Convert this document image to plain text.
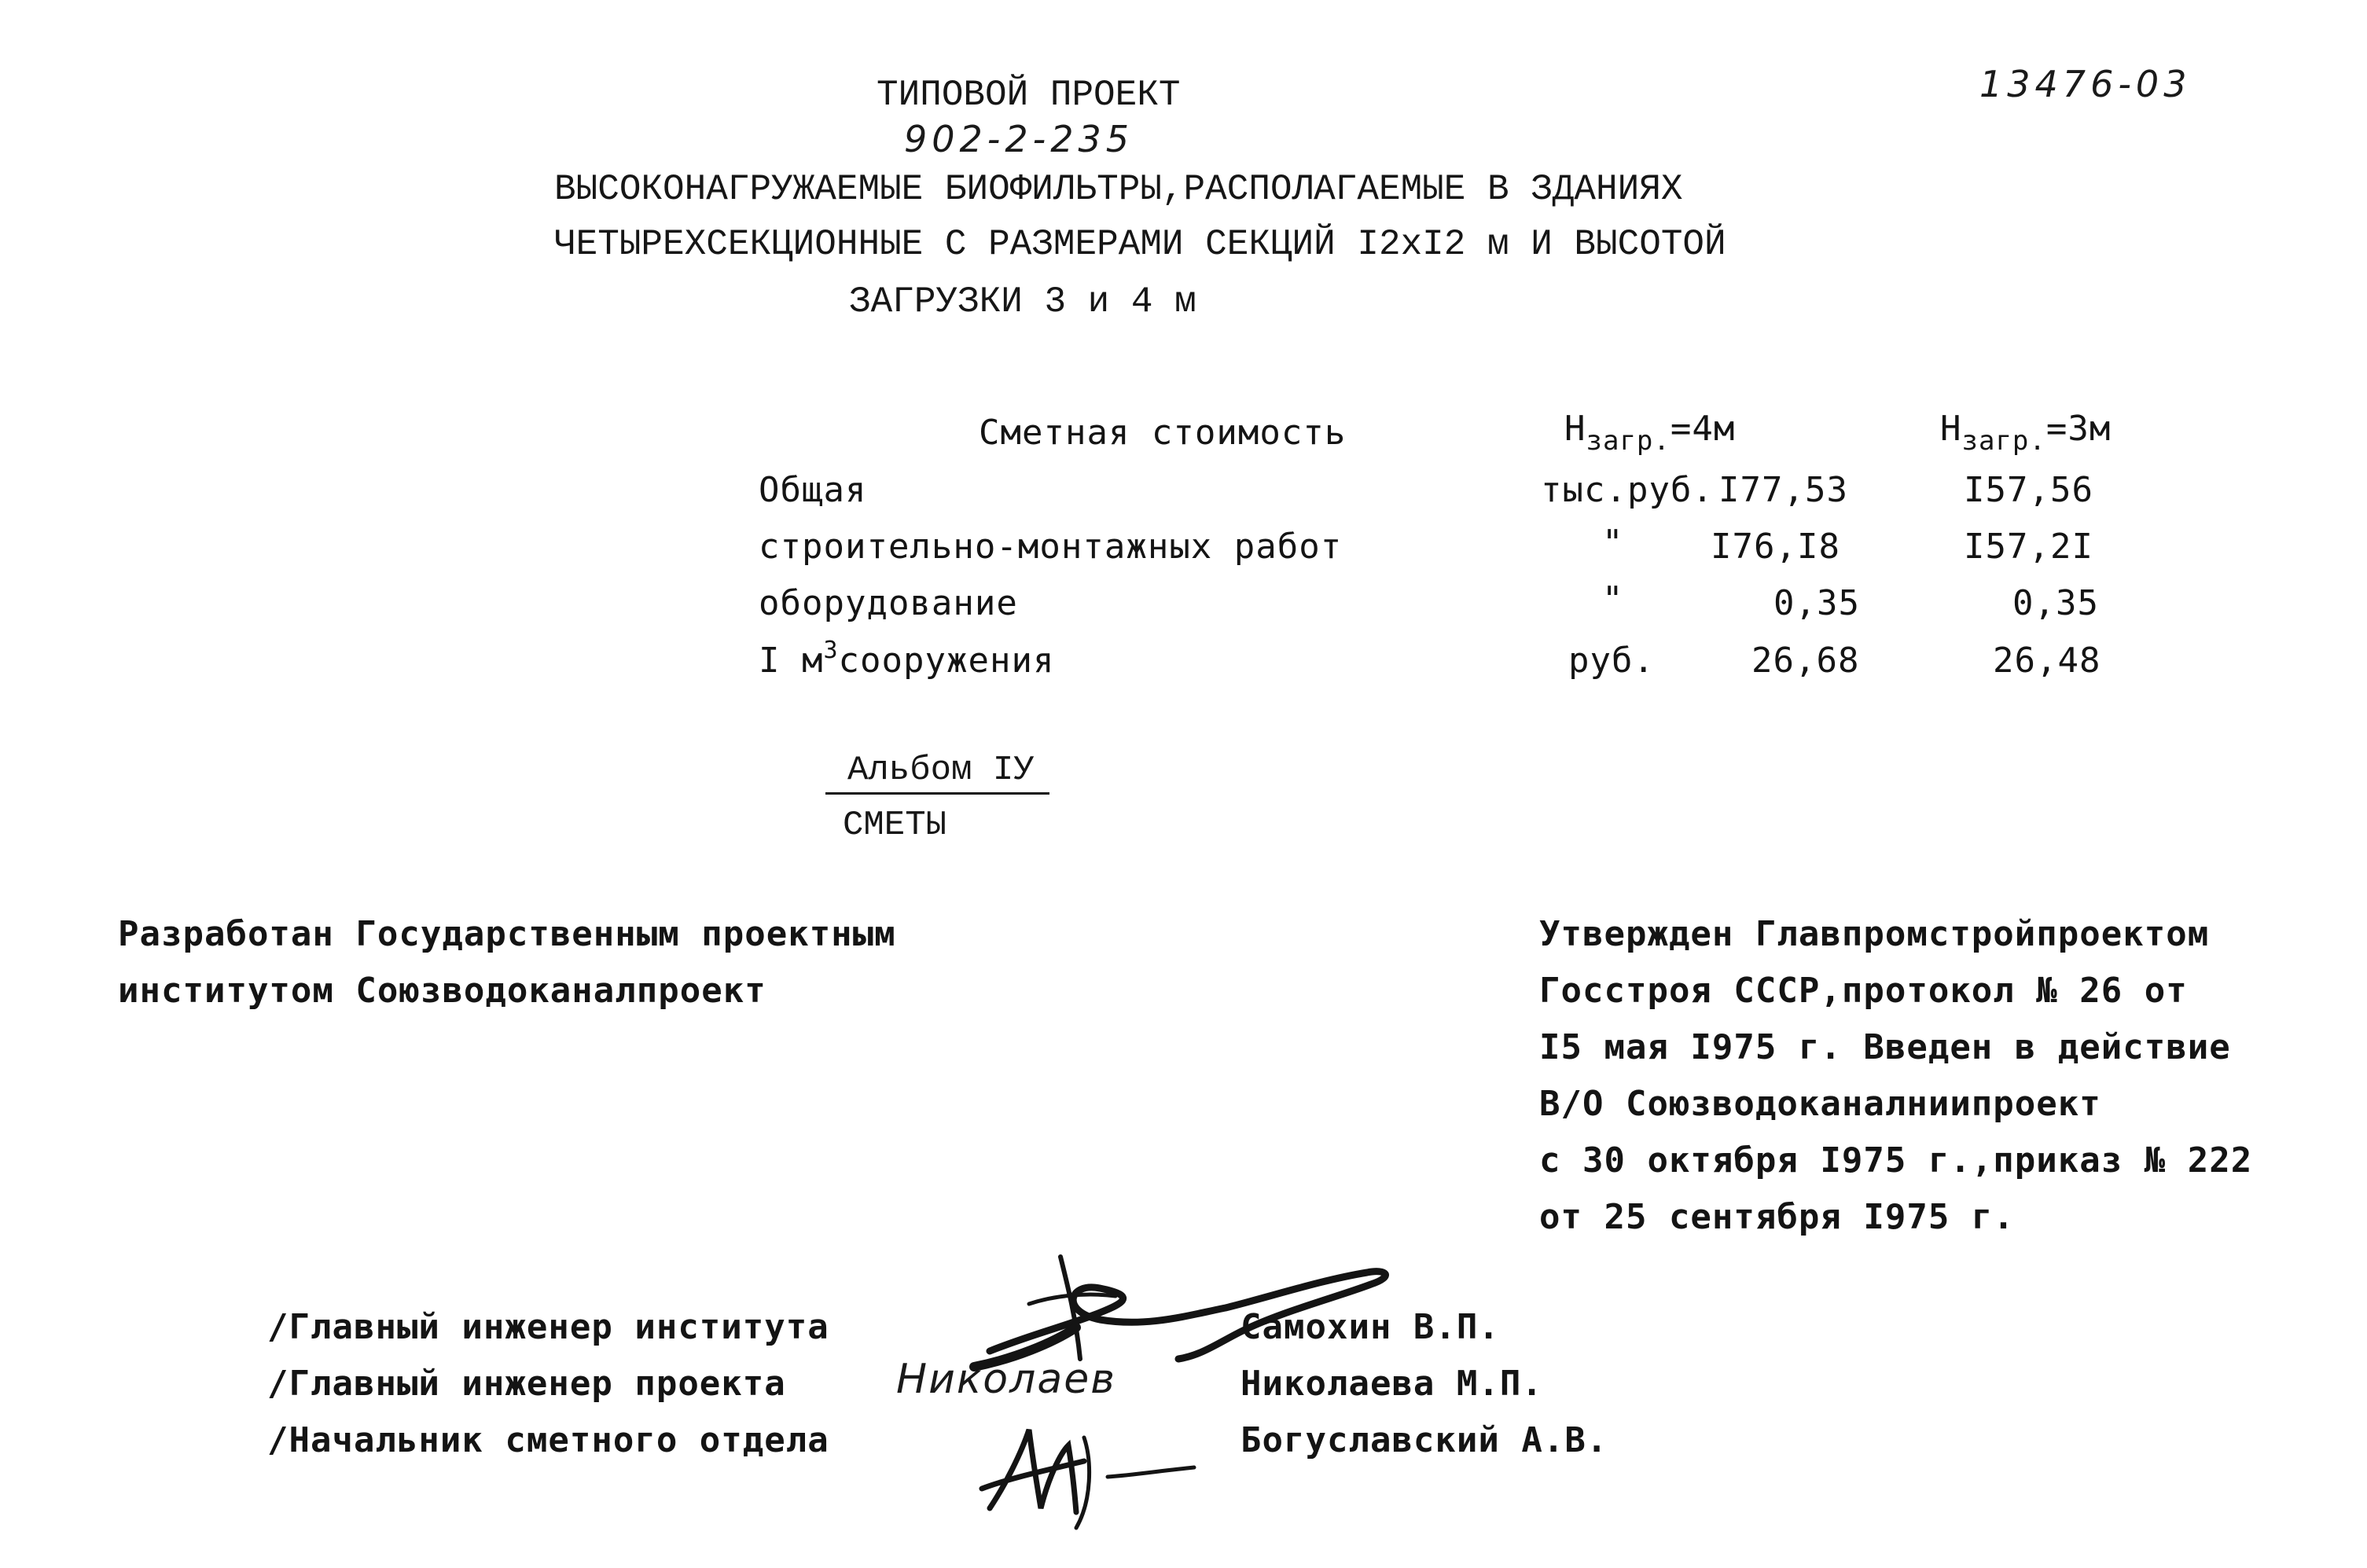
ТИПОВОЙ ПРОЕКТ
902-2-235
13476-03
ВЫСОКОНАГРУЖАЕМЫЕ БИОФИЛЬТРЫ,РАСПОЛАГАЕМЫЕ В ЗДАНИЯХ
ЧЕТЫРЕХСЕКЦИОННЫЕ С РАЗМЕРАМИ СЕКЦИЙ I2xI2 м И ВЫСОТОЙ
ЗАГРУЗКИ 3 и 4 м
Сметная стоимость	$Н_{загр.}=4м$	$Н_{загр.}=3м$
Общая	тыс.руб. I77,53	I57,56
строительно-монтажных работ	"	I76,I8	I57,2I
оборудование	"	0,35	0,35
I $м^3сооружения$	руб.	26,68	26,48
Альбом IУ
СМЕТЫ
Разработан Государственным проектным
институтом Союзводоканалпроект
Утвержден Главпромстройпроектом
Госстроя СССР,протокол № 26 от
I5 мая I975 г. Введен в действие
В/О Союзводоканалниипроект
с 30 октября I975 г.,приказ № 222
от 25 сентября I975 г.
/Главный инженер института
/Главный инженер проекта
/Начальник сметного отдела
Самохин В.П.
Николаева М.П.
Богуславский А.В.

Николаев
